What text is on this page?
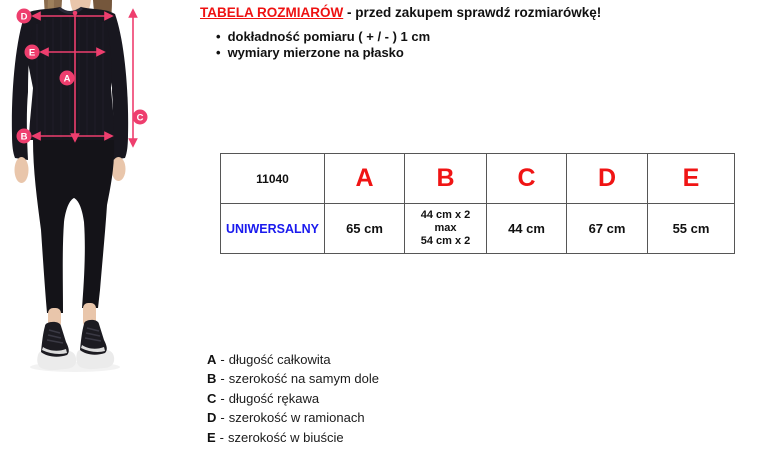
D
E
A
C
B
TABELA ROZMIARÓW - przed zakupem sprawdź rozmiarówkę!
• dokładność pomiaru ( + / - ) 1 cm
• wymiary mierzone na płasko
11040	A	B	C	D	E
UNIWERSALNY	65 cm	44 cm x 2
max
54 cm x 2	44 cm	67 cm	55 cm
A - długość całkowita
B - szerokość na samym dole
C - długość rękawa
D - szerokość w ramionach
E - szerokość w biuście
